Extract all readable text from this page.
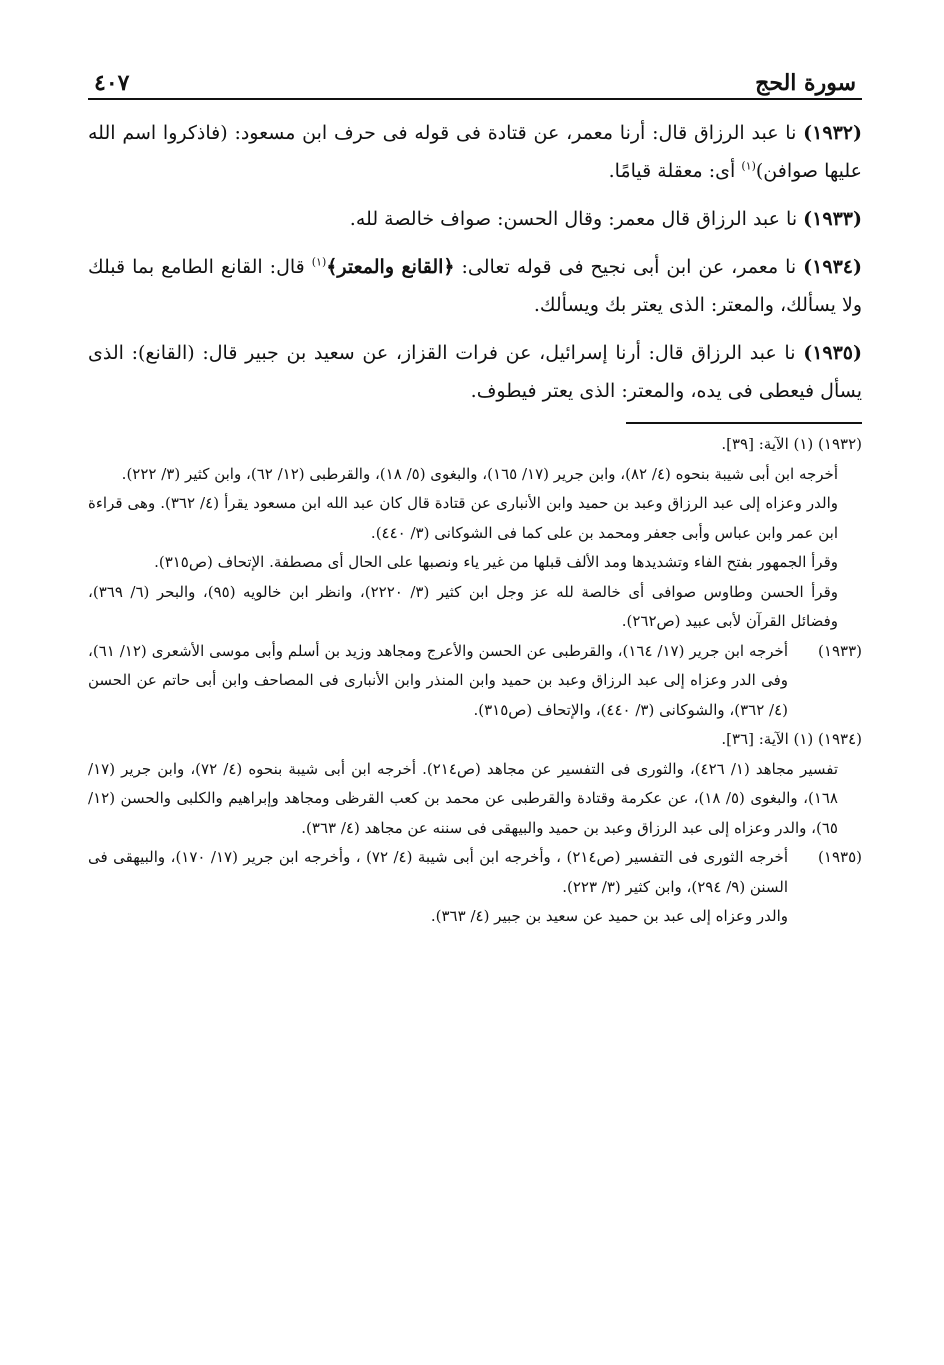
سورة الحج
٤٠٧

(١٩٣٢) نا عبد الرزاق قال: أرنا معمر، عن قتادة فى قوله فى حرف ابن مسعود: (فاذكروا اسم الله عليها صوافن)$^{(١)}$ أى: معقلة قيامًا.

(١٩٣٣) نا عبد الرزاق قال معمر: وقال الحسن: صواف خالصة لله.

(١٩٣٤) نا معمر، عن ابن أبى نجيح فى قوله تعالى: ﴿القانع والمعتر﴾$^{(١)}$ قال: القانع الطامع بما قبلك ولا يسألك، والمعتر: الذى يعتر بك ويسألك.

(١٩٣٥) نا عبد الرزاق قال: أرنا إسرائيل، عن فرات القزاز، عن سعيد بن جبير قال: (القانع): الذى يسأل فيعطى فى يده، والمعتر: الذى يعتر فيطوف.

(١٩٣٢) (١) الآية: [٣٩].

أخرجه ابن أبى شيبة بنحوه (٤/ ٨٢)، وابن جرير (١٧/ ١٦٥)، والبغوى (٥/ ١٨)، والقرطبى (١٢/ ٦٢)، وابن كثير (٣/ ٢٢٢).

والدر وعزاه إلى عبد الرزاق وعبد بن حميد وابن الأنبارى عن قتادة قال كان عبد الله ابن مسعود يقرأ (٤/ ٣٦٢). وهى قراءة ابن عمر وابن عباس وأبى جعفر ومحمد بن على كما فى الشوكانى (٣/ ٤٤٠).

وقرأ الجمهور بفتح الفاء وتشديدها ومد الألف قبلها من غير ياء ونصبها على الحال أى مصطفة. الإتحاف (ص٣١٥).

وقرأ الحسن وطاوس صوافى أى خالصة لله عز وجل ابن كثير (٣/ ٢٢٢٠)، وانظر ابن خالويه (٩٥)، والبحر (٦/ ٣٦٩)، وفضائل القرآن لأبى عبيد (ص٢٦٢).

(١٩٣٣)
أخرجه ابن جرير (١٧/ ١٦٤)، والقرطبى عن الحسن والأعرج ومجاهد وزيد بن أسلم وأبى موسى الأشعرى (١٢/ ٦١)، وفى الدر وعزاه إلى عبد الرزاق وعبد بن حميد وابن المنذر وابن الأنبارى فى المصاحف وابن أبى حاتم عن الحسن (٤/ ٣٦٢)، والشوكانى (٣/ ٤٤٠)، والإتحاف (ص٣١٥).

(١٩٣٤) (١) الآية: [٣٦].

تفسير مجاهد (١/ ٤٢٦)، والثورى فى التفسير عن مجاهد (ص٢١٤). أخرجه ابن أبى شيبة بنحوه (٤/ ٧٢)، وابن جرير (١٧/ ١٦٨)، والبغوى (٥/ ١٨)، عن عكرمة وقتادة والقرطبى عن محمد بن كعب القرظى ومجاهد وإبراهيم والكلبى والحسن (١٢/ ٦٥)، والدر وعزاه إلى عبد الرزاق وعبد بن حميد والبيهقى فى سننه عن مجاهد (٤/ ٣٦٣).

(١٩٣٥)
أخرجه الثورى فى التفسير (ص٢١٤) ، وأخرجه ابن أبى شيبة (٤/ ٧٢) ، وأخرجه ابن جرير (١٧/ ١٧٠)، والبيهقى فى السنن (٩/ ٢٩٤)، وابن كثير (٣/ ٢٢٣).
والدر وعزاه إلى عبد بن حميد عن سعيد بن جبير (٤/ ٣٦٣).
